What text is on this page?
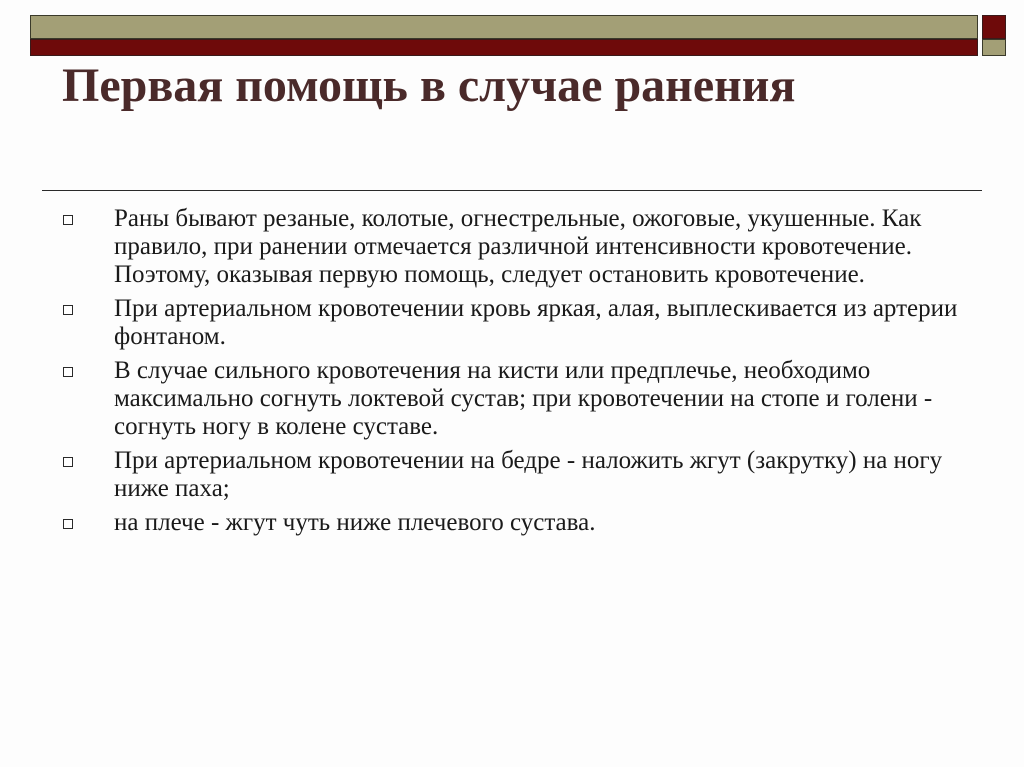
Первая помощь в случае ранения
Раны бывают резаные, колотые, огнестрельные, ожоговые, укушенные. Как правило, при ранении отмечается различной интенсивности кровотечение. Поэтому, оказывая первую помощь, следует остановить кровотечение.
При артериальном кровотечении кровь яркая, алая, выплескивается из артерии фонтаном.
В случае сильного кровотечения на кисти или предплечье, необходимо максимально согнуть локтевой сустав; при кровотечении на стопе и голени - согнуть ногу в колене суставе.
При артериальном кровотечении на бедре - наложить жгут (закрутку) на ногу ниже паха;
на плече - жгут чуть ниже плечевого сустава.
